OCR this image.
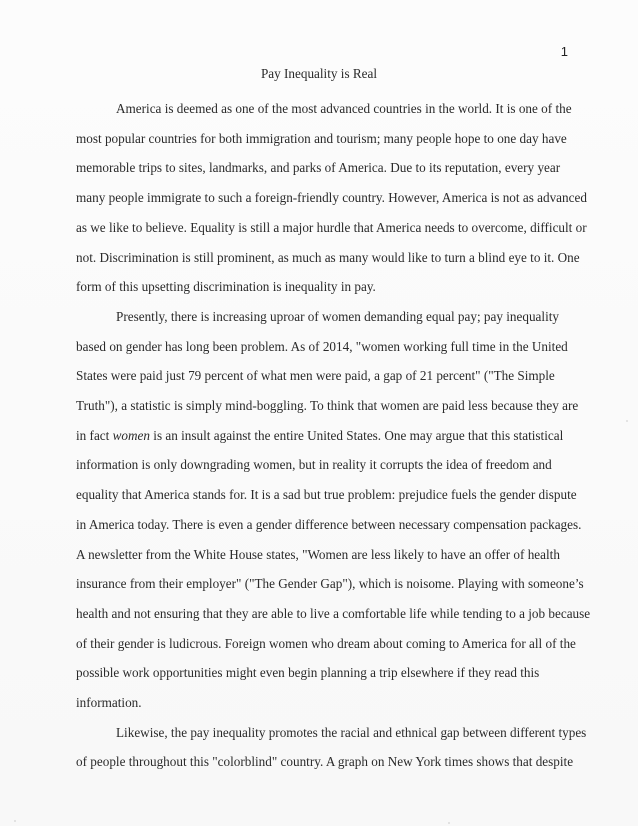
1
Pay Inequality is Real
America is deemed as one of the most advanced countries in the world. It is one of the
most popular countries for both immigration and tourism; many people hope to one day have
memorable trips to sites, landmarks, and parks of America. Due to its reputation, every year
many people immigrate to such a foreign-friendly country. However, America is not as advanced
as we like to believe. Equality is still a major hurdle that America needs to overcome, difficult or
not. Discrimination is still prominent, as much as many would like to turn a blind eye to it. One
form of this upsetting discrimination is inequality in pay.
Presently, there is increasing uproar of women demanding equal pay; pay inequality
based on gender has long been problem. As of 2014, "women working full time in the United
States were paid just 79 percent of what men were paid, a gap of 21 percent" ("The Simple
Truth"), a statistic is simply mind-boggling. To think that women are paid less because they are
in fact women is an insult against the entire United States. One may argue that this statistical
information is only downgrading women, but in reality it corrupts the idea of freedom and
equality that America stands for. It is a sad but true problem: prejudice fuels the gender dispute
in America today. There is even a gender difference between necessary compensation packages.
A newsletter from the White House states, "Women are less likely to have an offer of health
insurance from their employer" ("The Gender Gap"), which is noisome. Playing with someone’s
health and not ensuring that they are able to live a comfortable life while tending to a job because
of their gender is ludicrous. Foreign women who dream about coming to America for all of the
possible work opportunities might even begin planning a trip elsewhere if they read this
information.
Likewise, the pay inequality promotes the racial and ethnical gap between different types
of people throughout this "colorblind" country. A graph on New York times shows that despite
